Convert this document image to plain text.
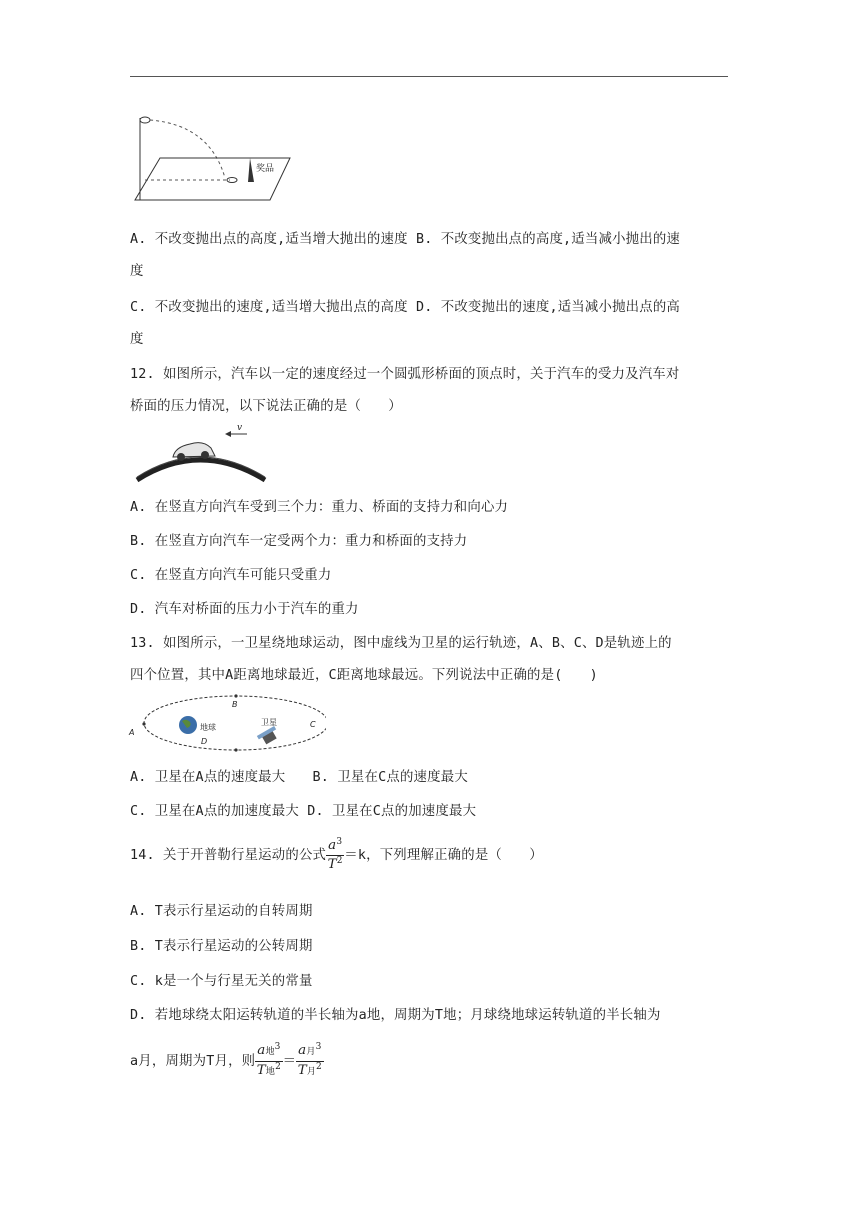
奖品
A. 不改变抛出点的高度,适当增大抛出的速度 B. 不改变抛出点的高度,适当减小抛出的速
度
C. 不改变抛出的速度,适当增大抛出点的高度 D. 不改变抛出的速度,适当减小抛出点的高
度
12. 如图所示，汽车以一定的速度经过一个圆弧形桥面的顶点时，关于汽车的受力及汽车对
桥面的压力情况，以下说法正确的是（　　）
v
A. 在竖直方向汽车受到三个力：重力、桥面的支持力和向心力
B. 在竖直方向汽车一定受两个力：重力和桥面的支持力
C. 在竖直方向汽车可能只受重力
D. 汽车对桥面的压力小于汽车的重力
13. 如图所示，一卫星绕地球运动，图中虚线为卫星的运行轨迹，A、B、C、D是轨迹上的
四个位置，其中A距离地球最近，C距离地球最远。下列说法中正确的是(　　)
A
B
C
D
地球
卫星
A. 卫星在A点的速度最大　　B. 卫星在C点的速度最大
C. 卫星在A点的加速度最大 D. 卫星在C点的加速度最大
14. 关于开普勒行星运动的公式 $\frac{a^3}{T^2} =k$，下列理解正确的是（　　）
A. T表示行星运动的自转周期
B. T表示行星运动的公转周期
C. k是一个与行星无关的常量
D. 若地球绕太阳运转轨道的半长轴为a地，周期为T地；月球绕地球运转轨道的半长轴为
a月，周期为T月，则 $\frac{a地^3}{T地^2} = \frac{a月^3}{T月^2}$
